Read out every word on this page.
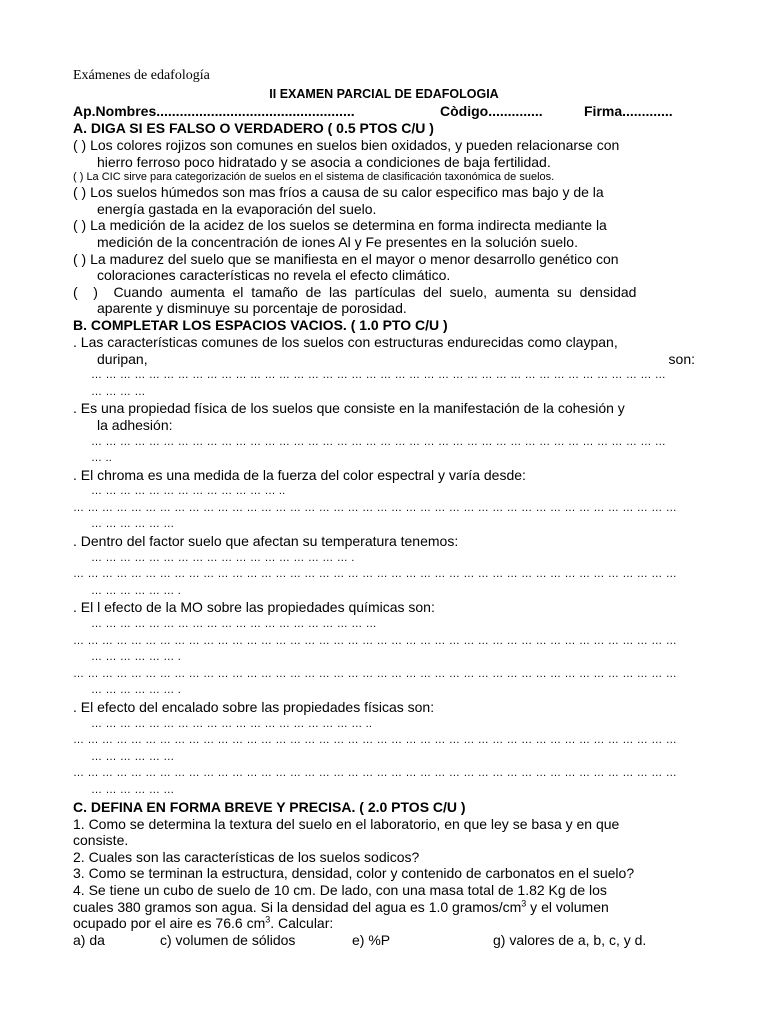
Exámenes de edafología
II EXAMEN PARCIAL DE EDAFOLOGIA
Ap.Nombres...................................................	Còdigo..............	Firma.............
A. DIGA SI ES FALSO O VERDADERO ( 0.5 PTOS C/U )
( ) Los colores rojizos son comunes en suelos bien oxidados, y pueden relacionarse con
hierro ferroso poco hidratado y se asocia a condiciones de baja fertilidad.
( ) La CIC sirve para categorización de suelos en el sistema de clasificación taxonómica de suelos.
( ) Los suelos húmedos son mas fríos a causa de su calor especifico mas bajo y de la
energía gastada en la evaporación del suelo.
( ) La medición de la acidez de los suelos se determina en forma indirecta mediante la
medición de la concentración de iones Al y Fe presentes en la solución suelo.
( ) La madurez del suelo que se manifiesta en el mayor o menor desarrollo genético con
coloraciones características no revela el efecto climático.
(    )    Cuando  aumenta  el  tamaño  de  las  partículas  del  suelo,  aumenta  su  densidad
aparente y disminuye su porcentaje de porosidad.
B. COMPLETAR LOS ESPACIOS VACIOS. ( 1.0 PTO C/U )
. Las características comunes de los suelos con estructuras endurecidas como claypan,
duripan,	son:
… … … … … … … … … … … … … … … … … … … … … … … … … … … … … … … … … … … … … … … …
… … … …
. Es una propiedad física de los suelos que consiste en la manifestación de la cohesión y
la adhesión:
… … … … … … … … … … … … … … … … … … … … … … … … … … … … … … … … … … … … … … … …
… ..
. El chroma es una medida de la fuerza del color espectral y varía desde:
… … … … … … … … … … … … … ..
… … … … … … … … … … … … … … … … … … … … … … … … … … … … … … … … … … … … … … … … … …
… … … … … …
. Dentro del factor suelo que afectan su temperatura tenemos:
… … … … … … … … … … … … … … … … … … .
… … … … … … … … … … … … … … … … … … … … … … … … … … … … … … … … … … … … … … … … … …
… … … … … … .
. El l efecto de la MO sobre las propiedades químicas son:
… … … … … … … … … … … … … … … … … … … …
… … … … … … … … … … … … … … … … … … … … … … … … … … … … … … … … … … … … … … … … … …
… … … … … … .
… … … … … … … … … … … … … … … … … … … … … … … … … … … … … … … … … … … … … … … … … …
… … … … … … .
. El efecto del encalado sobre las propiedades físicas son:
… … … … … … … … … … … … … … … … … … … ..
… … … … … … … … … … … … … … … … … … … … … … … … … … … … … … … … … … … … … … … … … …
… … … … … …
… … … … … … … … … … … … … … … … … … … … … … … … … … … … … … … … … … … … … … … … … …
… … … … … …
C. DEFINA EN FORMA BREVE Y PRECISA. ( 2.0 PTOS C/U )
1. Como se determina la textura del suelo en el laboratorio, en que ley se basa y en que
consiste.
2. Cuales son las características de los suelos sodicos?
3. Como se terminan la estructura, densidad, color y contenido de carbonatos en el suelo?
4. Se tiene un cubo de suelo de 10 cm. De lado, con una masa total de 1.82 Kg de los
cuales 380 gramos son agua. Si la densidad del agua es 1.0 gramos/$cm^3$ y el volumen
ocupado por el aire es 76.6 $cm^3$. Calcular:
a) da	c) volumen de sólidos	e) %P	g) valores de a, b, c, y d.
